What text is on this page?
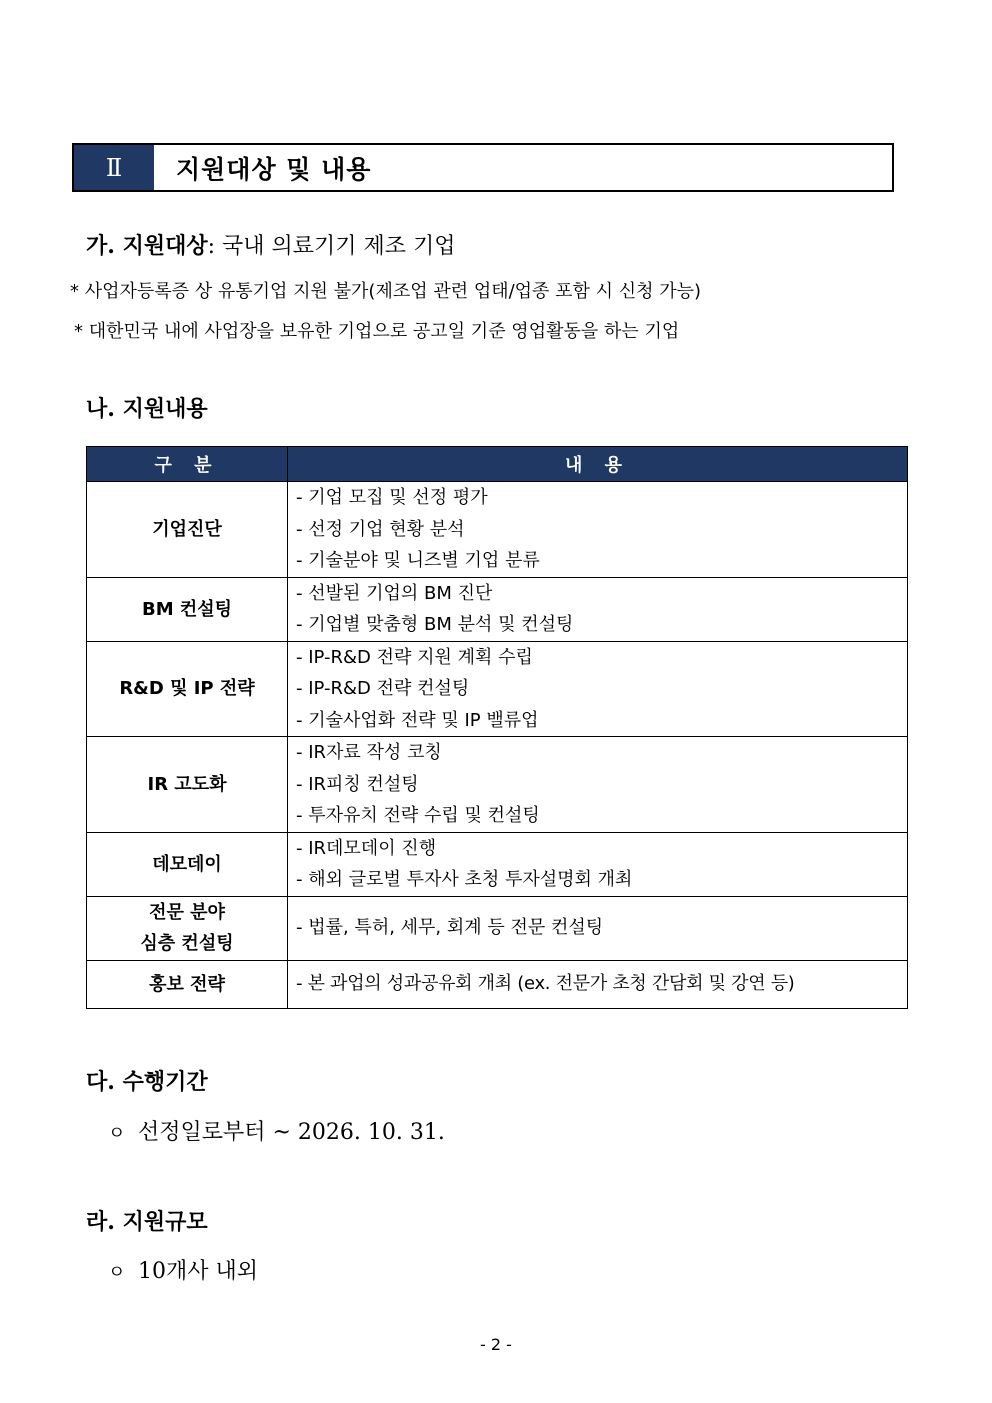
Ⅱ	지원대상 및 내용
가. 지원대상: 국내 의료기기 제조 기업
* 사업자등록증 상 유통기업 지원 불가(제조업 관련 업태/업종 포함 시 신청 가능)
* 대한민국 내에 사업장을 보유한 기업으로 공고일 기준 영업활동을 하는 기업
나. 지원내용
구 분	내 용

기업진단	- 기업 모집 및 선정 평가
- 선정 기업 현황 분석
- 기술분야 및 니즈별 기업 분류

BM 컨설팅	- 선발된 기업의 BM 진단
- 기업별 맞춤형 BM 분석 및 컨설팅

R&D 및 IP 전략	- IP-R&D 전략 지원 계획 수립
- IP-R&D 전략 컨설팅
- 기술사업화 전략 및 IP 밸류업

IR 고도화	- IR자료 작성 코칭
- IR피칭 컨설팅
- 투자유치 전략 수립 및 컨설팅

데모데이	- IR데모데이 진행
- 해외 글로벌 투자사 초청 투자설명회 개최

전문 분야
심층 컨설팅	- 법률, 특허, 세무, 회계 등 전문 컨설팅

홍보 전략	- 본 과업의 성과공유회 개최 (ex. 전문가 초청 간담회 및 강연 등)
다. 수행기간
ㅇ 선정일로부터 ~ 2026. 10. 31.
라. 지원규모
ㅇ 10개사 내외
- 2 -
